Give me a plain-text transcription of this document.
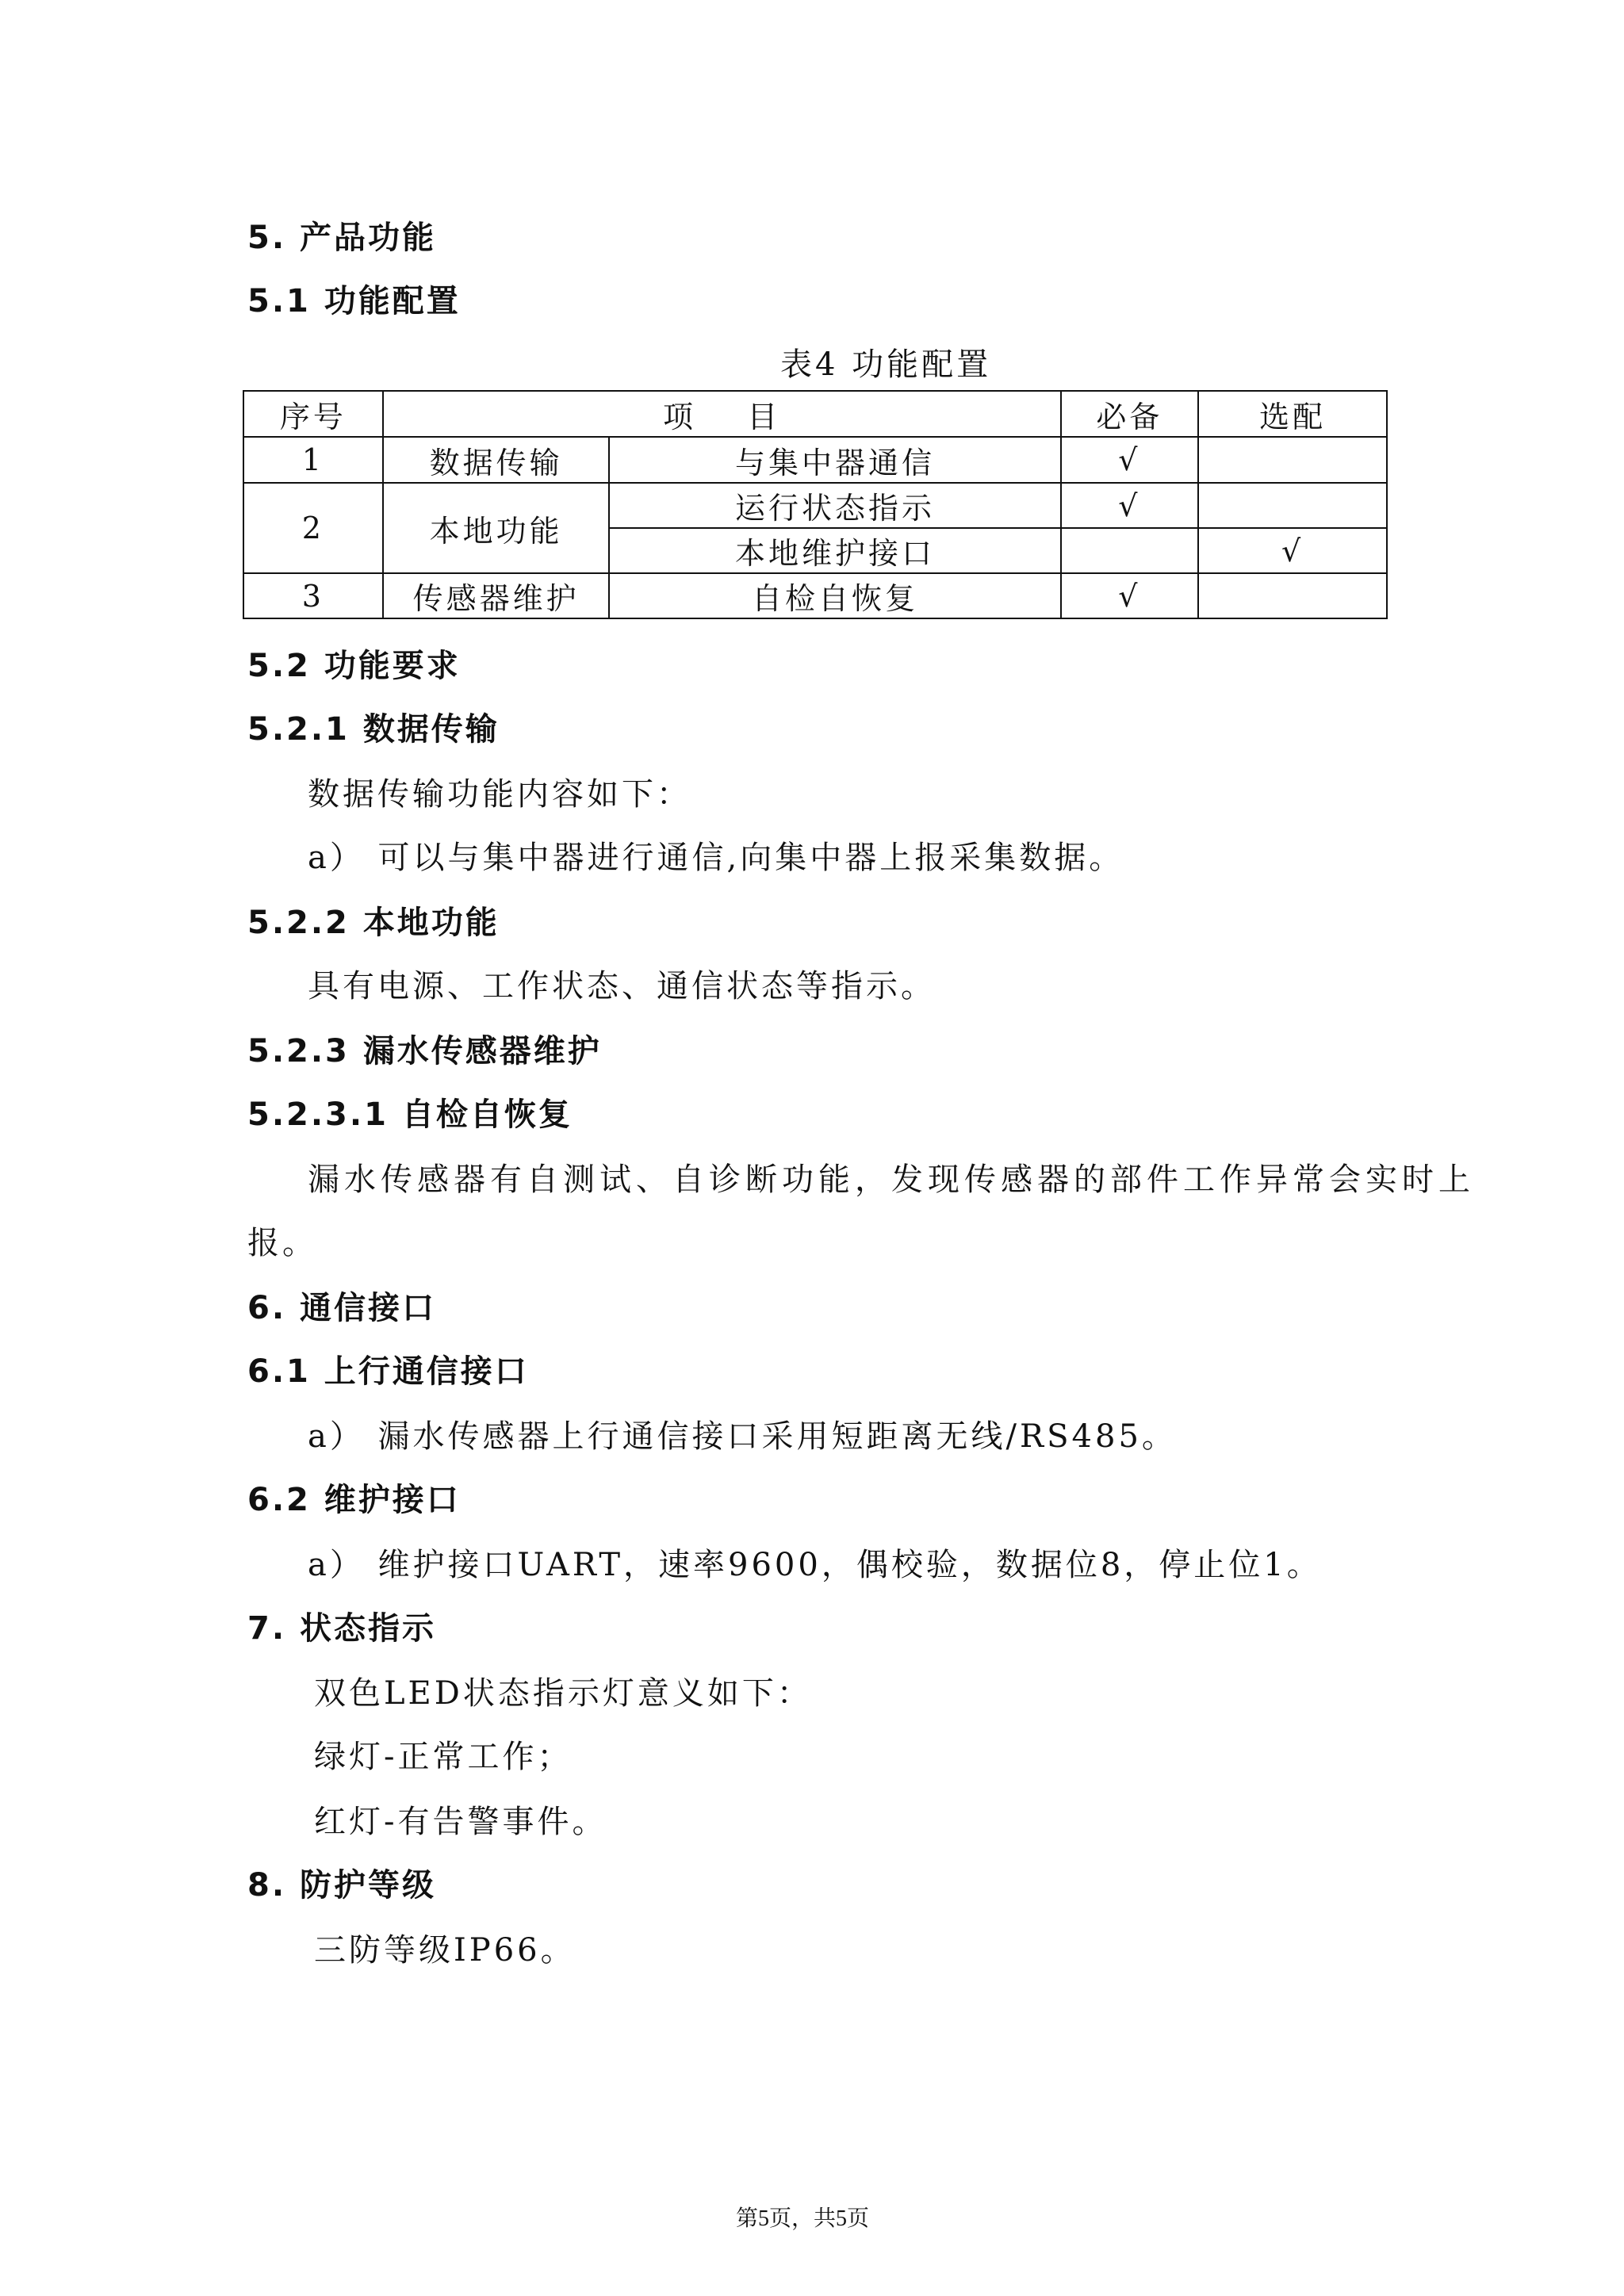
5. 产品功能
5.1 功能配置
表4 功能配置
序号	项    目		必备	选配
1	数据传输	与集中器通信	√	
2	本地功能	运行状态指示	√	
		本地维护接口		√
3	传感器维护	自检自恢复	√	
5.2 功能要求
5.2.1 数据传输
数据传输功能内容如下：
a） 可以与集中器进行通信,向集中器上报采集数据。
5.2.2 本地功能
具有电源、工作状态、通信状态等指示。
5.2.3 漏水传感器维护
5.2.3.1 自检自恢复
漏水传感器有自测试、自诊断功能，发现传感器的部件工作异常会实时上
报。
6. 通信接口
6.1 上行通信接口
a） 漏水传感器上行通信接口采用短距离无线/RS485。
6.2 维护接口
a） 维护接口UART，速率9600，偶校验，数据位8，停止位1。
7. 状态指示
双色LED状态指示灯意义如下：
绿灯-正常工作；
红灯-有告警事件。
8. 防护等级
三防等级IP66。
第5页，共5页
